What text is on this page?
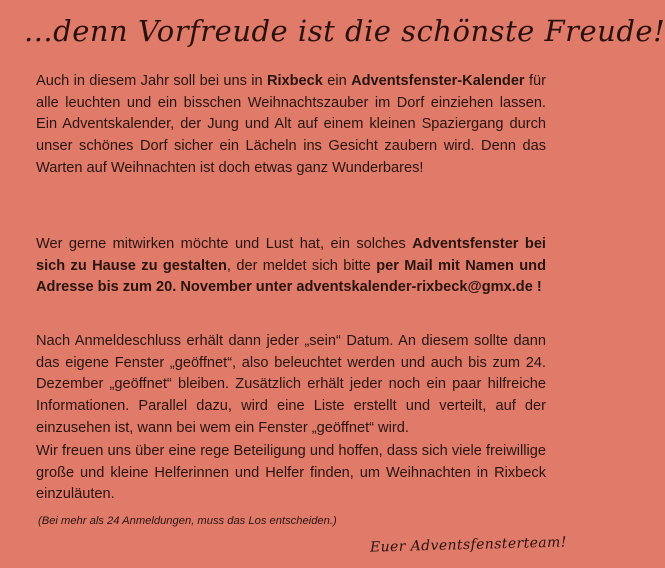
...denn Vorfreude ist die schönste Freude!

Auch in diesem Jahr soll bei uns in Rixbeck ein Adventsfenster-Kalender für alle leuchten und ein bisschen Weihnachtszauber im Dorf einziehen lassen. Ein Adventskalender, der Jung und Alt auf einem kleinen Spaziergang durch unser schönes Dorf sicher ein Lächeln ins Gesicht zaubern wird. Denn das Warten auf Weihnachten ist doch etwas ganz Wunderbares!

Wer gerne mitwirken möchte und Lust hat, ein solches Adventsfenster bei sich zu Hause zu gestalten, der meldet sich bitte per Mail mit Namen und Adresse bis zum 20. November unter adventskalender-rixbeck@gmx.de !

Nach Anmeldeschluss erhält dann jeder „sein“ Datum. An diesem sollte dann das eigene Fenster „geöffnet“, also beleuchtet werden und auch bis zum 24. Dezember „geöffnet“ bleiben. Zusätzlich erhält jeder noch ein paar hilfreiche Informationen. Parallel dazu, wird eine Liste erstellt und verteilt, auf der einzusehen ist, wann bei wem ein Fenster „geöffnet“ wird.

Wir freuen uns über eine rege Beteiligung und hoffen, dass sich viele freiwillige große und kleine Helferinnen und Helfer finden, um Weihnachten in Rixbeck einzuläuten.

(Bei mehr als 24 Anmeldungen, muss das Los entscheiden.)

Euer Adventsfensterteam!
